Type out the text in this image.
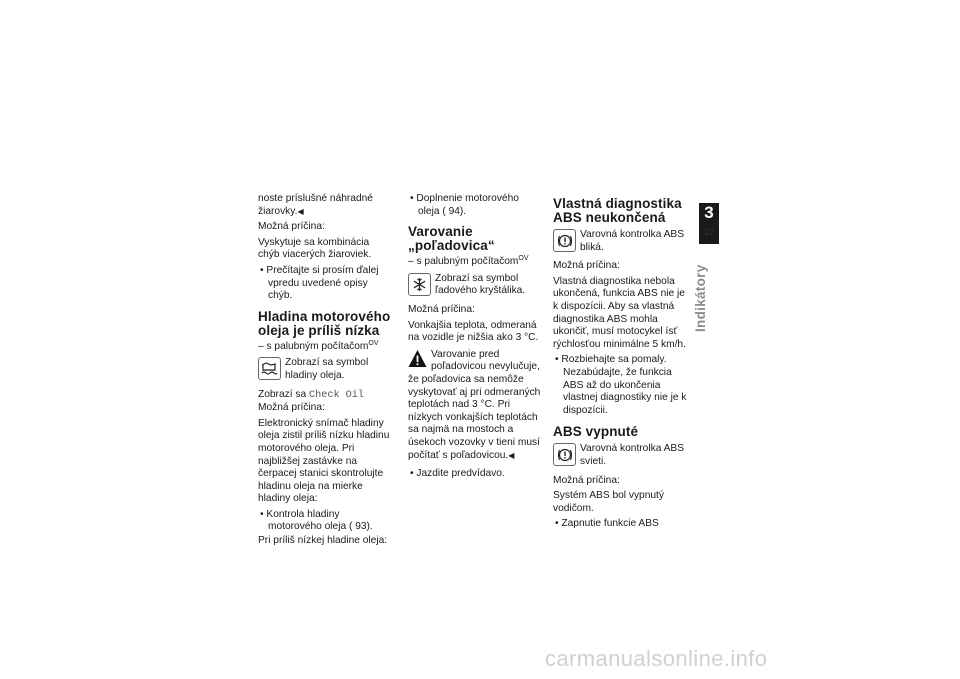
noste príslušné náhradné
žiarovky.◀

Možná príčina:

Vyskytuje sa kombinácia chýb viacerých žiaroviek.

• Prečítajte si prosím ďalej vpredu uvedené opisy chýb.

Hladina motorového oleja je príliš nízka

– s palubným počítačom$^{OV}$

Zobrazí sa symbol hladiny oleja.

Zobrazí sa Check Oil

Možná príčina:

Elektronický snímač hladiny oleja zistil príliš nízku hladinu motorového oleja. Pri najbližšej zastávke na čerpacej stanici skontrolujte hladinu oleja na mierke hladiny oleja:

• Kontrola hladiny motorového oleja ( 93).

Pri príliš nízkej hladine oleja:

• Doplnenie motorového oleja ( 94).

Varovanie „poľadovica“

– s palubným počítačom$^{OV}$

Zobrazí sa symbol ľadového kryštálika.

Možná príčina:

Vonkajšia teplota, odmeraná na vozidle je nižšia ako 3 °C.

Varovanie pred poľadovicou nevylučuje, že poľadovica sa nemôže vyskytovať aj pri odmeraných teplotách nad 3 °C. Pri nízkych vonkajších teplotách sa najmä na mostoch a úsekoch vozovky v tieni musí počítať s poľadovicou.◀

• Jazdite predvídavo.

Vlastná diagnostika ABS neukončená
Varovná kontrolka ABS bliká.

Možná príčina:

Vlastná diagnostika nebola ukončená, funkcia ABS nie je k dispozícii. Aby sa vlastná diagnostika ABS mohla ukončiť, musí motocykel ísť rýchlosťou minimálne 5 km/h.

• Rozbiehajte sa pomaly. Nezabúdajte, že funkcia ABS až do ukončenia vlastnej diagnostiky nie je k dispozícii.

ABS vypnuté
Varovná kontrolka ABS svieti.

Možná príčina:

Systém ABS bol vypnutý vodičom.

• Zapnutie funkcie ABS

3
37
Indikátory
carmanualsonline.info
